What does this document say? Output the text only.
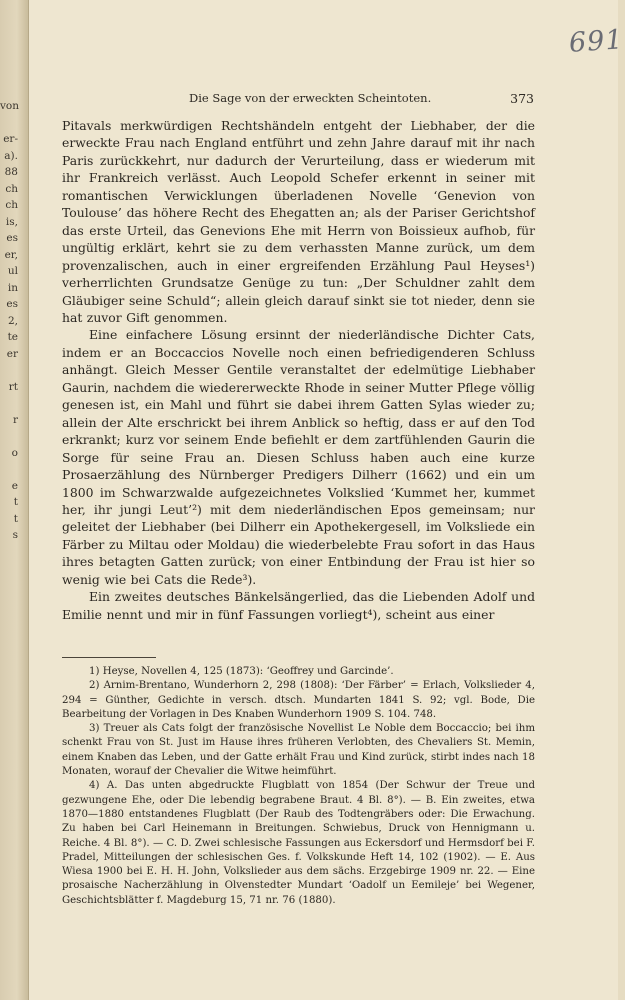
von
er-
a).
88
ch
ch
is,
es
er,
ul
in
es
2,
te
er
rt
r
o
e
t
t
s
691
Die Sage von der erweckten Scheintoten.	373

Pitavals merkwürdigen Rechtshändeln entgeht der Liebhaber, der die erweckte Frau nach England entführt und zehn Jahre darauf mit ihr nach Paris zurückkehrt, nur dadurch der Verurteilung, dass er wiederum mit ihr Frankreich verlässt. Auch Leopold Schefer erkennt in seiner mit romantischen Verwicklungen überladenen Novelle ‘Genevion von Toulouse’ das höhere Recht des Ehegatten an; als der Pariser Gerichtshof das erste Urteil, das Genevions Ehe mit Herrn von Boissieux aufhob, für ungültig erklärt, kehrt sie zu dem verhassten Manne zurück, um dem provenzalischen, auch in einer ergreifenden Erzählung Paul Heyses¹) verherrlichten Grundsatze Genüge zu tun: „Der Schuldner zahlt dem Gläubiger seine Schuld“; allein gleich darauf sinkt sie tot nieder, denn sie hat zuvor Gift genommen.

Eine einfachere Lösung ersinnt der niederländische Dichter Cats, indem er an Boccaccios Novelle noch einen befriedigenderen Schluss anhängt. Gleich Messer Gentile veranstaltet der edelmütige Liebhaber Gaurin, nachdem die wiedererweckte Rhode in seiner Mutter Pflege völlig genesen ist, ein Mahl und führt sie dabei ihrem Gatten Sylas wieder zu; allein der Alte erschrickt bei ihrem Anblick so heftig, dass er auf den Tod erkrankt; kurz vor seinem Ende befiehlt er dem zartfühlenden Gaurin die Sorge für seine Frau an. Diesen Schluss haben auch eine kurze Prosaerzählung des Nürnberger Predigers Dilherr (1662) und ein um 1800 im Schwarzwalde aufgezeichnetes Volkslied ‘Kummet her, kummet her, ihr jungi Leut’²) mit dem niederländischen Epos gemeinsam; nur geleitet der Liebhaber (bei Dilherr ein Apothekergesell, im Volksliede ein Färber zu Miltau oder Moldau) die wiederbelebte Frau sofort in das Haus ihres betagten Gatten zurück; von einer Entbindung der Frau ist hier so wenig wie bei Cats die Rede³).

Ein zweites deutsches Bänkelsängerlied, das die Liebenden Adolf und Emilie nennt und mir in fünf Fassungen vorliegt⁴), scheint aus einer

1) Heyse, Novellen 4, 125 (1873): ‘Geoffrey und Garcinde’.

2) Arnim-Brentano, Wunderhorn 2, 298 (1808): ‘Der Färber’ = Erlach, Volkslieder 4, 294 = Günther, Gedichte in versch. dtsch. Mundarten 1841 S. 92; vgl. Bode, Die Bearbeitung der Vorlagen in Des Knaben Wunderhorn 1909 S. 104. 748.

3) Treuer als Cats folgt der französische Novellist Le Noble dem Boccaccio; bei ihm schenkt Frau von St. Just im Hause ihres früheren Verlobten, des Chevaliers St. Memin, einem Knaben das Leben, und der Gatte erhält Frau und Kind zurück, stirbt indes nach 18 Monaten, worauf der Chevalier die Witwe heimführt.

4) A. Das unten abgedruckte Flugblatt von 1854 (Der Schwur der Treue und gezwungene Ehe, oder Die lebendig begrabene Braut. 4 Bl. 8°). — B. Ein zweites, etwa 1870—1880 entstandenes Flugblatt (Der Raub des Todtengräbers oder: Die Erwachung. Zu haben bei Carl Heinemann in Breitungen. Schwiebus, Druck von Hennigmann u. Reiche. 4 Bl. 8°). — C. D. Zwei schlesische Fassungen aus Eckersdorf und Hermsdorf bei F. Pradel, Mitteilungen der schlesischen Ges. f. Volkskunde Heft 14, 102 (1902). — E. Aus Wiesa 1900 bei E. H. H. John, Volkslieder aus dem sächs. Erzgebirge 1909 nr. 22. — Eine prosaische Nacherzählung in Olvenstedter Mundart ‘Oadolf un Eemileje’ bei Wegener, Geschichtsblätter f. Magdeburg 15, 71 nr. 76 (1880).
